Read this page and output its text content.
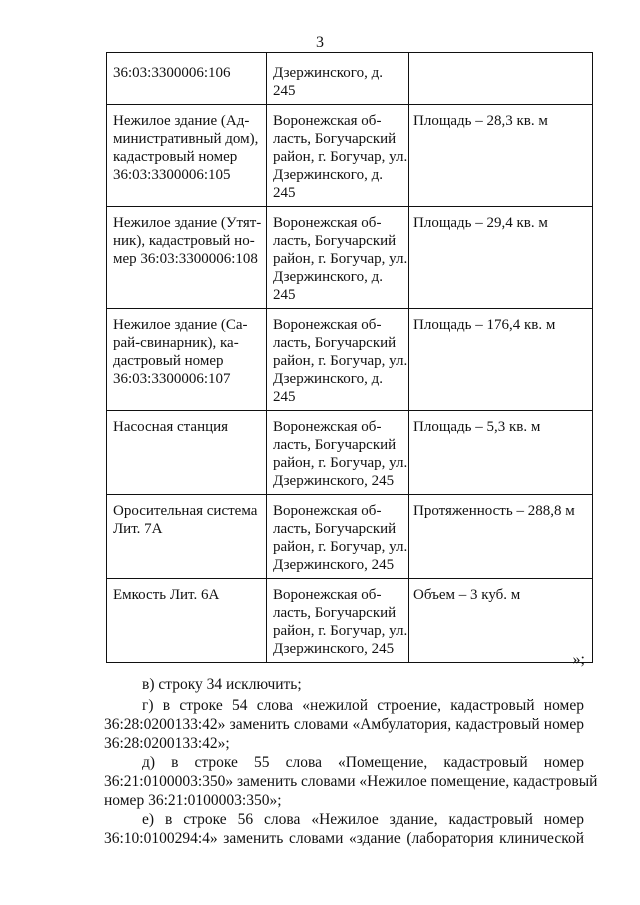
3
36:03:3300006:106	Дзержинского, д.
245	

Нежилое здание (Ад-
министративный дом),
кадастровый номер
36:03:3300006:105	Воронежская об-
ласть, Богучарский
район, г. Богучар, ул.
Дзержинского, д.
245	Площадь – 28,3 кв. м

Нежилое здание (Утят-
ник), кадастровый но-
мер 36:03:3300006:108	Воронежская об-
ласть, Богучарский
район, г. Богучар, ул.
Дзержинского, д.
245	Площадь – 29,4 кв. м

Нежилое здание (Са-
рай-свинарник), ка-
дастровый номер
36:03:3300006:107	Воронежская об-
ласть, Богучарский
район, г. Богучар, ул.
Дзержинского, д.
245	Площадь – 176,4 кв. м

Насосная станция	Воронежская об-
ласть, Богучарский
район, г. Богучар, ул.
Дзержинского, 245	Площадь – 5,3 кв. м

Оросительная система
Лит. 7А	Воронежская об-
ласть, Богучарский
район, г. Богучар, ул.
Дзержинского, 245	Протяженность – 288,8 м

Емкость Лит. 6А	Воронежская об-
ласть, Богучарский
район, г. Богучар, ул.
Дзержинского, 245	Объем – 3 куб. м
»;
в) строку 34 исключить;
г) в строке 54 слова «нежилой строение, кадастровый номер
36:28:0200133:42» заменить словами «Амбулатория, кадастровый номер
36:28:0200133:42»;
д) в строке 55 слова «Помещение, кадастровый номер
36:21:0100003:350» заменить словами «Нежилое помещение, кадастровый
номер 36:21:0100003:350»;
е) в строке 56 слова «Нежилое здание, кадастровый номер
36:10:0100294:4» заменить словами «здание (лаборатория клинической
